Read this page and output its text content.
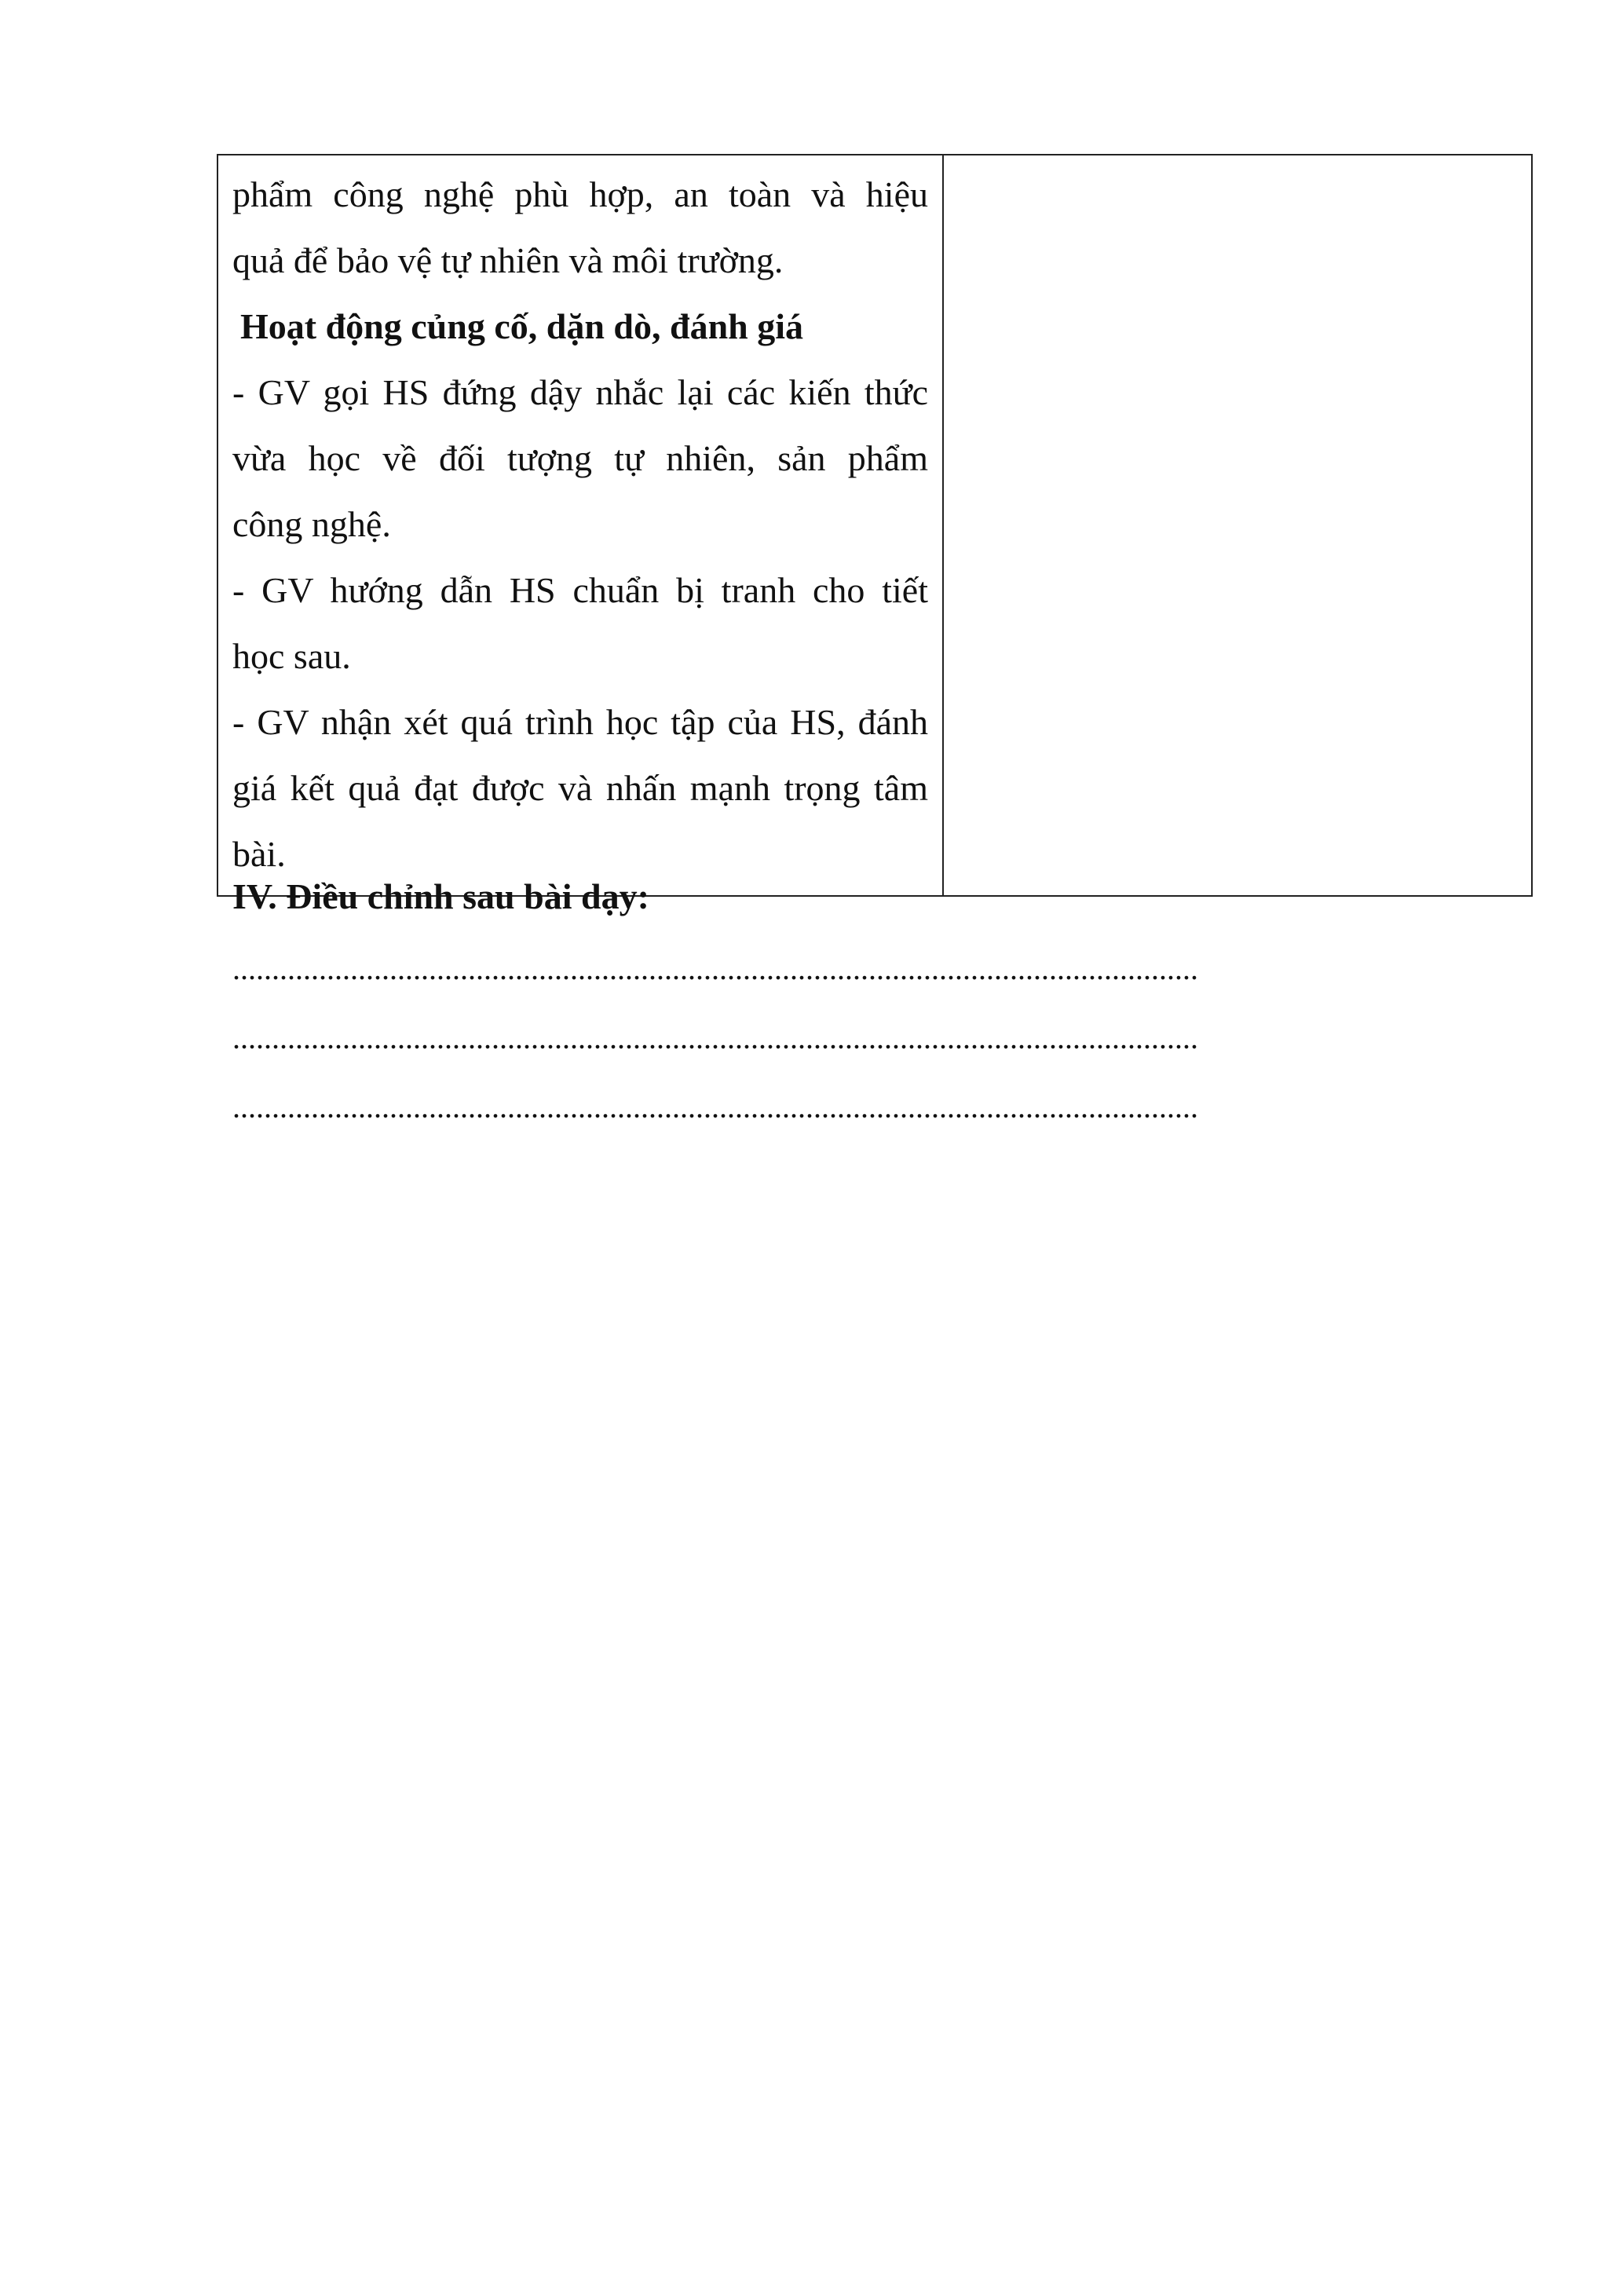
phẩm công nghệ phù hợp, an toàn và hiệu

quả để bảo vệ tự nhiên và môi trường.

Hoạt động củng cố, dặn dò, đánh giá

- GV gọi HS đứng dậy nhắc lại các kiến thức

vừa học về đối tượng tự nhiên, sản phẩm

công nghệ.

- GV hướng dẫn HS chuẩn bị tranh cho tiết

học sau.

- GV nhận xét quá trình học tập của HS, đánh

giá kết quả đạt được và nhấn mạnh trọng tâm

bài.

IV. Điều chỉnh sau bài dạy:

...........................................................................................................................

...........................................................................................................................

...........................................................................................................................
